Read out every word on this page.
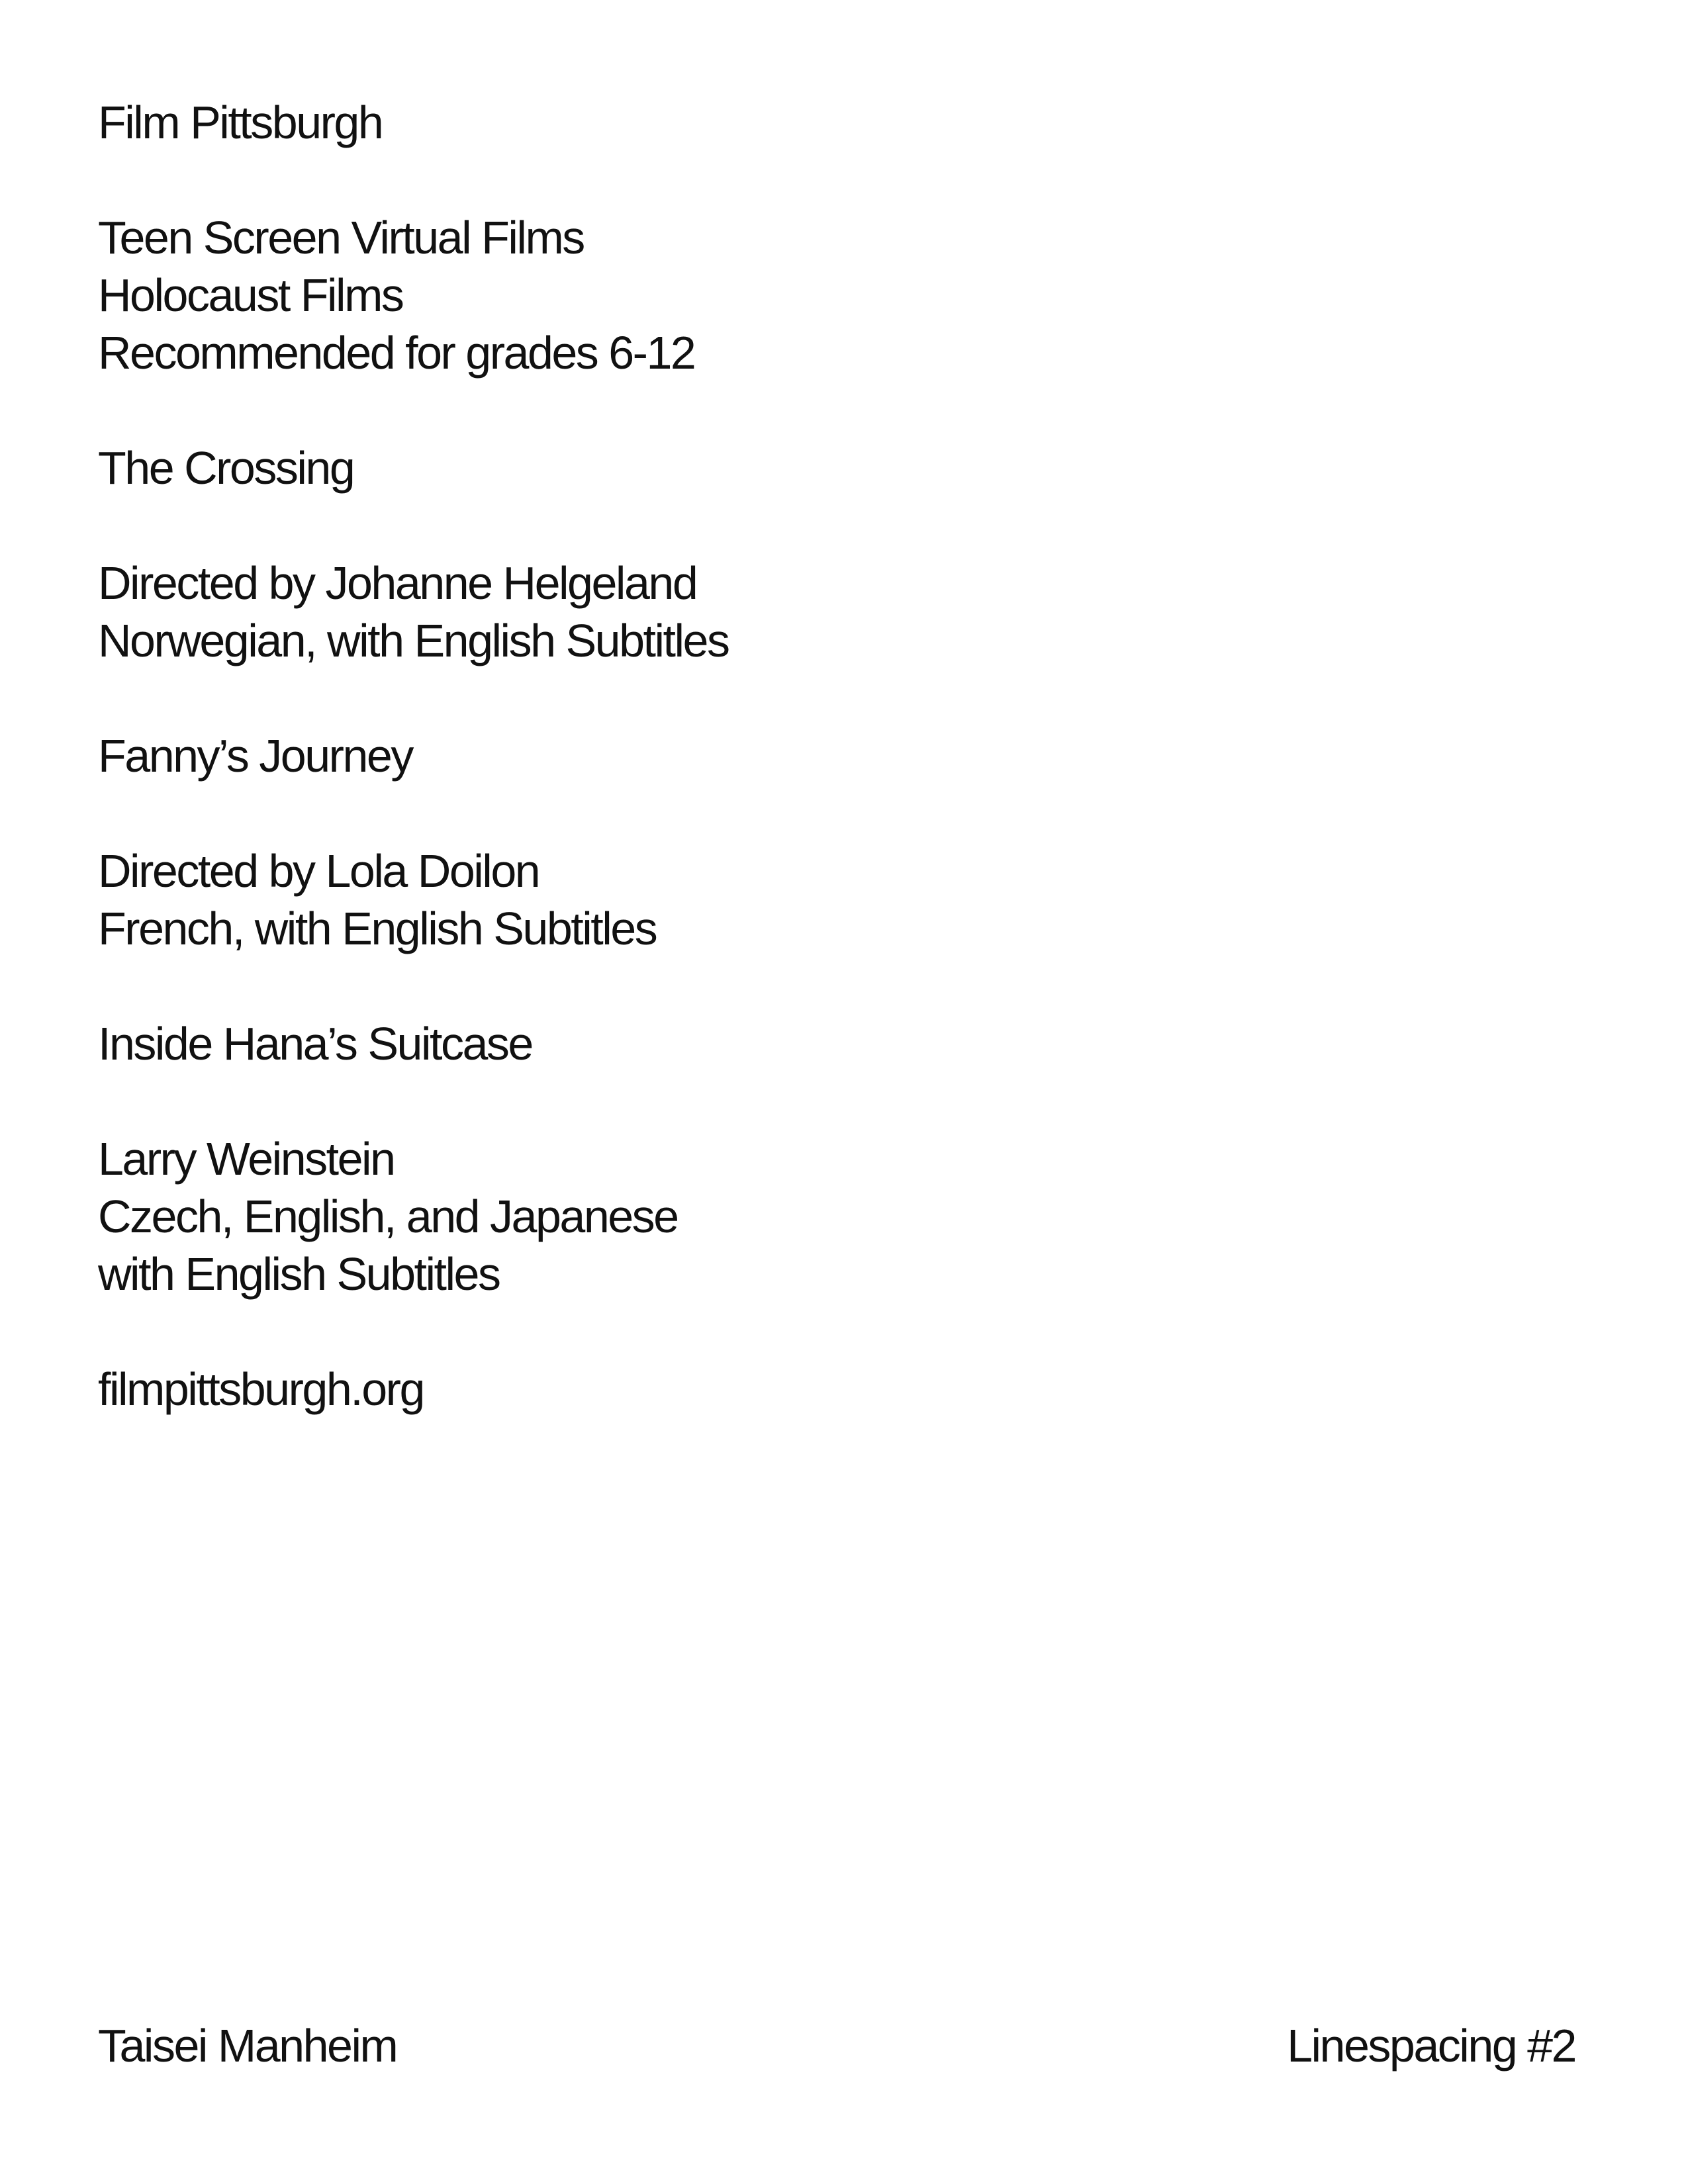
Film Pittsburgh
Teen Screen Virtual Films
Holocaust Films
Recommended for grades 6-12
The Crossing
Directed by Johanne Helgeland
Norwegian, with English Subtitles
Fanny’s Journey
Directed by Lola Doilon
French, with English Subtitles
Inside Hana’s Suitcase
Larry Weinstein
Czech, English, and Japanese
with English Subtitles
filmpittsburgh.org
Taisei Manheim	Linespacing #2
